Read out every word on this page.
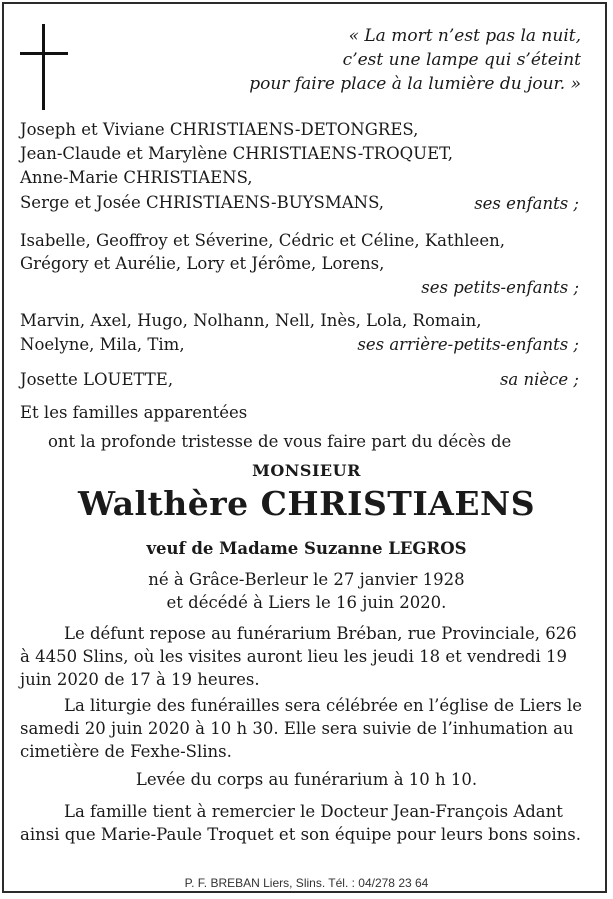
« La mort n’est pas la nuit,
c’est une lampe qui s’éteint
pour faire place à la lumière du jour. »
Joseph et Viviane CHRISTIAENS-DETONGRES,
Jean-Claude et Marylène CHRISTIAENS-TROQUET,
Anne-Marie CHRISTIAENS,
Serge et Josée CHRISTIAENS-BUYSMANS,	ses enfants ;
Isabelle, Geoffroy et Séverine, Cédric et Céline, Kathleen,
Grégory et Aurélie, Lory et Jérôme, Lorens,
ses petits-enfants ;
Marvin, Axel, Hugo, Nolhann, Nell, Inès, Lola, Romain,
Noelyne, Mila, Tim,	ses arrière-petits-enfants ;
Josette LOUETTE,	sa nièce ;
Et les familles apparentées
ont la profonde tristesse de vous faire part du décès de
MONSIEUR
Walthère CHRISTIAENS
veuf de Madame Suzanne LEGROS
né à Grâce-Berleur le 27 janvier 1928
et décédé à Liers le 16 juin 2020.
Le défunt repose au funérarium Bréban, rue Provinciale, 626 à 4450 Slins, où les visites auront lieu les jeudi 18 et vendredi 19 juin 2020 de 17 à 19 heures.
La liturgie des funérailles sera célébrée en l’église de Liers le samedi 20 juin 2020 à 10 h 30. Elle sera suivie de l’inhumation au cimetière de Fexhe-Slins.
Levée du corps au funérarium à 10 h 10.
La famille tient à remercier le Docteur Jean-François Adant ainsi que Marie-Paule Troquet et son équipe pour leurs bons soins.
P. F. BREBAN Liers, Slins. Tél. : 04/278 23 64
